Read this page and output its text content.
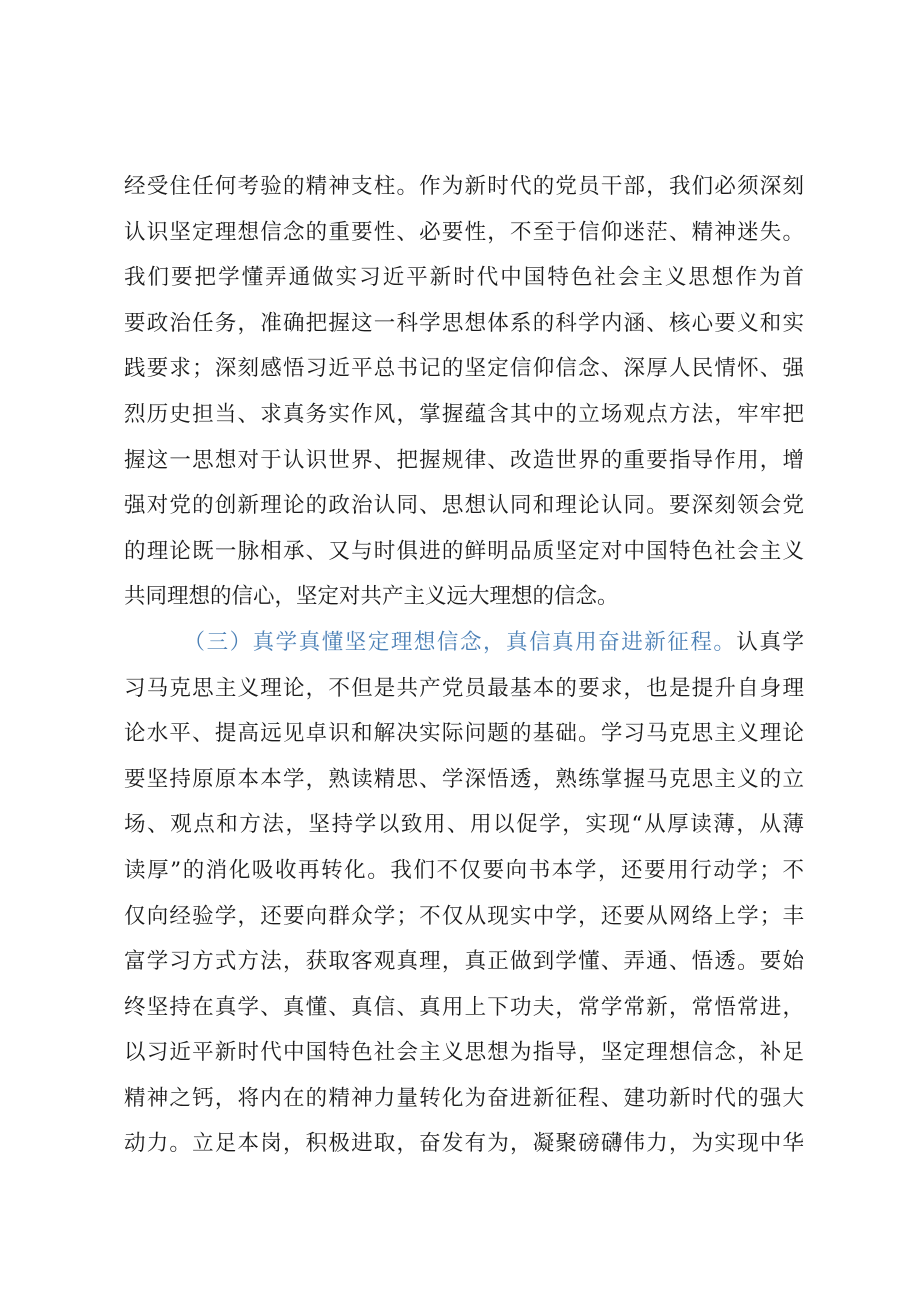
经受住任何考验的精神支柱。作为新时代的党员干部，我们必须深刻
认识坚定理想信念的重要性、必要性，不至于信仰迷茫、精神迷失。
我们要把学懂弄通做实习近平新时代中国特色社会主义思想作为首
要政治任务，准确把握这一科学思想体系的科学内涵、核心要义和实
践要求；深刻感悟习近平总书记的坚定信仰信念、深厚人民情怀、强
烈历史担当、求真务实作风，掌握蕴含其中的立场观点方法，牢牢把
握这一思想对于认识世界、把握规律、改造世界的重要指导作用，增
强对党的创新理论的政治认同、思想认同和理论认同。要深刻领会党
的理论既一脉相承、又与时俱进的鲜明品质坚定对中国特色社会主义
共同理想的信心，坚定对共产主义远大理想的信念。
（三）真学真懂坚定理想信念，真信真用奋进新征程。认真学
习马克思主义理论，不但是共产党员最基本的要求，也是提升自身理
论水平、提高远见卓识和解决实际问题的基础。学习马克思主义理论
要坚持原原本本学，熟读精思、学深悟透，熟练掌握马克思主义的立
场、观点和方法，坚持学以致用、用以促学，实现“从厚读薄，从薄
读厚”的消化吸收再转化。我们不仅要向书本学，还要用行动学；不
仅向经验学，还要向群众学；不仅从现实中学，还要从网络上学；丰
富学习方式方法，获取客观真理，真正做到学懂、弄通、悟透。要始
终坚持在真学、真懂、真信、真用上下功夫，常学常新，常悟常进，
以习近平新时代中国特色社会主义思想为指导，坚定理想信念，补足
精神之钙，将内在的精神力量转化为奋进新征程、建功新时代的强大
动力。立足本岗，积极进取，奋发有为，凝聚磅礴伟力，为实现中华
